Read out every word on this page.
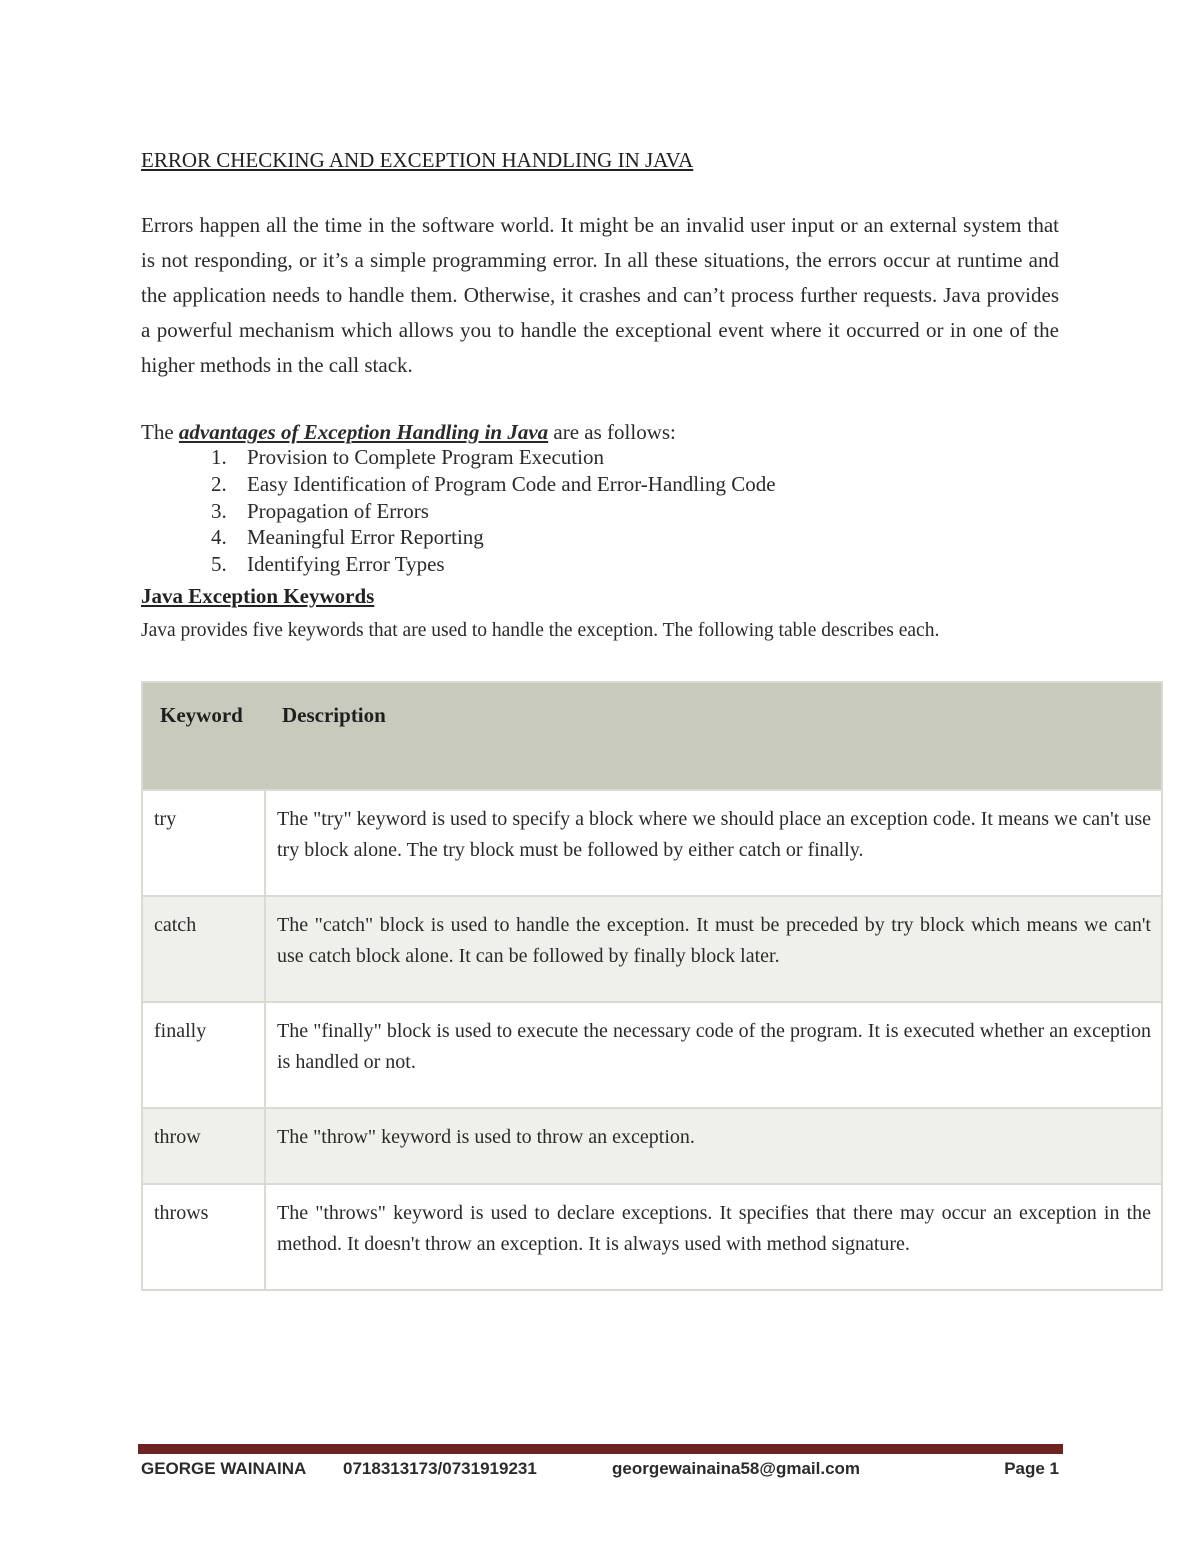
ERROR CHECKING AND EXCEPTION HANDLING IN JAVA

Errors happen all the time in the software world. It might be an invalid user input or an external system that is not responding, or it’s a simple programming error. In all these situations, the errors occur at runtime and the application needs to handle them. Otherwise, it crashes and can’t process further requests. Java provides a powerful mechanism which allows you to handle the exceptional event where it occurred or in one of the higher methods in the call stack.

The advantages of Exception Handling in Java are as follows:

1. Provision to Complete Program Execution
2. Easy Identification of Program Code and Error-Handling Code
3. Propagation of Errors
4. Meaningful Error Reporting
5. Identifying Error Types
Java Exception Keywords

Java provides five keywords that are used to handle the exception. The following table describes each.

Keyword	Description
try	The "try" keyword is used to specify a block where we should place an exception code. It means we can't use try block alone. The try block must be followed by either catch or finally.
catch	The "catch" block is used to handle the exception. It must be preceded by try block which means we can't use catch block alone. It can be followed by finally block later.
finally	The "finally" block is used to execute the necessary code of the program. It is executed whether an exception is handled or not.
throw	The "throw" keyword is used to throw an exception.
throws	The "throws" keyword is used to declare exceptions. It specifies that there may occur an exception in the method. It doesn't throw an exception. It is always used with method signature.
GEORGE WAINAINA 0718313173/0731919231	georgewainaina58@gmail.com	Page 1
